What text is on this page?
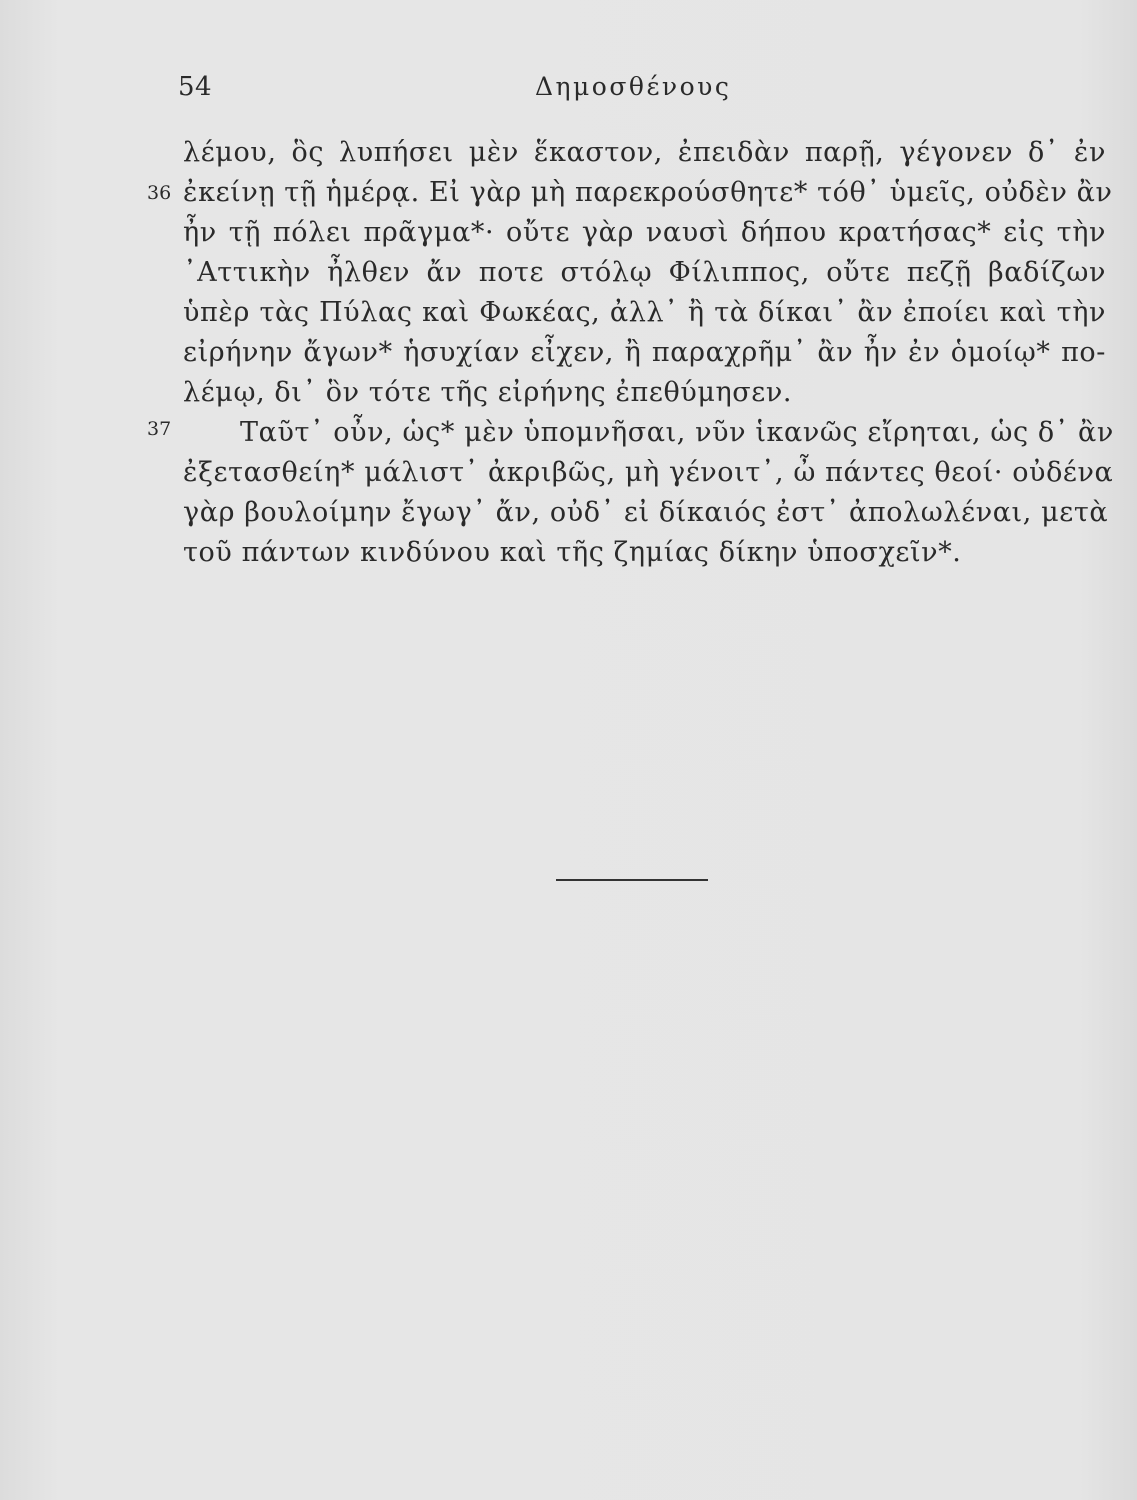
54	Δημοσθένους
36
37
λέμου, ὃς λυπήσει μὲν ἕκαστον, ἐπειδὰν παρῇ, γέγονεν δ᾽ ἐν
ἐκείνῃ τῇ ἡμέρᾳ. Εἰ γὰρ μὴ παρεκρούσθητε* τόθ᾽ ὑμεῖς, οὐδὲν ἂν
ἦν τῇ πόλει πρᾶγμα*· οὔτε γὰρ ναυσὶ δήπου κρατήσας* εἰς τὴν
᾽Αττικὴν ἦλθεν ἄν ποτε στόλῳ Φίλιππος, οὔτε πεζῇ βαδίζων
ὑπὲρ τὰς Πύλας καὶ Φωκέας, ἀλλ᾽ ἢ τὰ δίκαι᾽ ἂν ἐποίει καὶ τὴν
εἰρήνην ἄγων* ἡσυχίαν εἶχεν, ἢ παραχρῆμ᾽ ἂν ἦν ἐν ὁμοίῳ* πο-
λέμῳ, δι᾽ ὃν τότε τῆς εἰρήνης ἐπεθύμησεν.
Ταῦτ᾽ οὖν, ὡς* μὲν ὑπομνῆσαι, νῦν ἱκανῶς εἴρηται, ὡς δ᾽ ἂν
ἐξετασθείη* μάλιστ᾽ ἀκριβῶς, μὴ γένοιτ᾽, ὦ πάντες θεοί· οὐδένα
γὰρ βουλοίμην ἔγωγ᾽ ἄν, οὐδ᾽ εἰ δίκαιός ἐστ᾽ ἀπολωλέναι, μετὰ
τοῦ πάντων κινδύνου καὶ τῆς ζημίας δίκην ὑποσχεῖν*.
